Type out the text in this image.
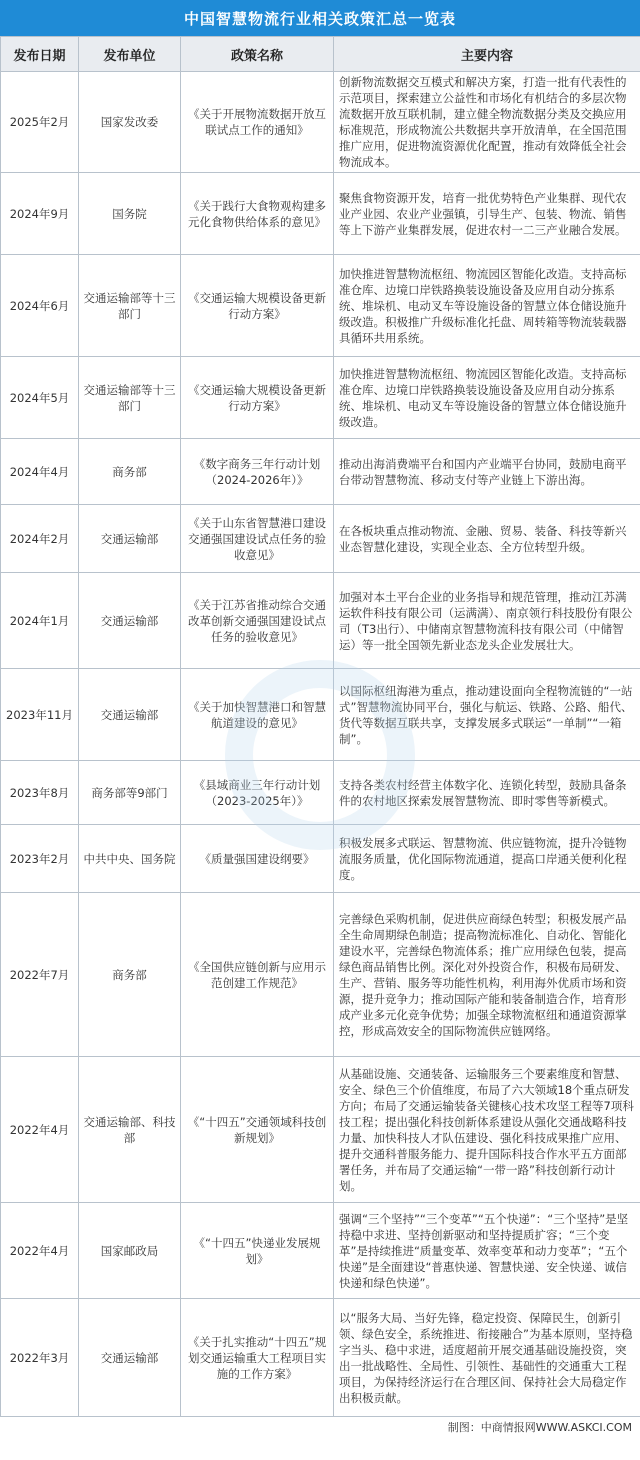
中国智慧物流行业相关政策汇总一览表
发布日期	发布单位	政策名称	主要内容
2025年2月	国家发改委	《关于开展物流数据开放互联试点工作的通知》	创新物流数据交互模式和解决方案，打造一批有代表性的示范项目，探索建立公益性和市场化有机结合的多层次物流数据开放互联机制，建立健全物流数据分类及交换应用标准规范，形成物流公共数据共享开放清单，在全国范围推广应用，促进物流资源优化配置，推动有效降低全社会物流成本。
2024年9月	国务院	《关于践行大食物观构建多元化食物供给体系的意见》	聚焦食物资源开发，培育一批优势特色产业集群、现代农业产业园、农业产业强镇，引导生产、包装、物流、销售等上下游产业集群发展，促进农村一二三产业融合发展。
2024年6月	交通运输部等十三部门	《交通运输大规模设备更新行动方案》	加快推进智慧物流枢纽、物流园区智能化改造。支持高标准仓库、边境口岸铁路换装设施设备及应用自动分拣系统、堆垛机、电动叉车等设施设备的智慧立体仓储设施升级改造。积极推广升级标准化托盘、周转箱等物流装载器具循环共用系统。
2024年5月	交通运输部等十三部门	《交通运输大规模设备更新行动方案》	加快推进智慧物流枢纽、物流园区智能化改造。支持高标准仓库、边境口岸铁路换装设施设备及应用自动分拣系统、堆垛机、电动叉车等设施设备的智慧立体仓储设施升级改造。
2024年4月	商务部	《数字商务三年行动计划（2024-2026年）》	推动出海消费端平台和国内产业端平台协同，鼓励电商平台带动智慧物流、移动支付等产业链上下游出海。
2024年2月	交通运输部	《关于山东省智慧港口建设交通强国建设试点任务的验收意见》	在各板块重点推动物流、金融、贸易、装备、科技等新兴业态智慧化建设，实现全业态、全方位转型升级。
2024年1月	交通运输部	《关于江苏省推动综合交通改革创新交通强国建设试点任务的验收意见》	加强对本土平台企业的业务指导和规范管理，推动江苏满运软件科技有限公司（运满满）、南京领行科技股份有限公司（T3出行）、中储南京智慧物流科技有限公司（中储智运）等一批全国领先新业态龙头企业发展壮大。
2023年11月	交通运输部	《关于加快智慧港口和智慧航道建设的意见》	以国际枢纽海港为重点，推动建设面向全程物流链的“一站式”智慧物流协同平台，强化与航运、铁路、公路、船代、货代等数据互联共享，支撑发展多式联运“一单制”“一箱制”。
2023年8月	商务部等9部门	《县域商业三年行动计划（2023-2025年）》	支持各类农村经营主体数字化、连锁化转型，鼓励具备条件的农村地区探索发展智慧物流、即时零售等新模式。
2023年2月	中共中央、国务院	《质量强国建设纲要》	积极发展多式联运、智慧物流、供应链物流，提升冷链物流服务质量，优化国际物流通道，提高口岸通关便利化程度。
2022年7月	商务部	《全国供应链创新与应用示范创建工作规范》	完善绿色采购机制，促进供应商绿色转型；积极发展产品全生命周期绿色制造；提高物流标准化、自动化、智能化建设水平，完善绿色物流体系；推广应用绿色包装，提高绿色商品销售比例。深化对外投资合作，积极布局研发、生产、营销、服务等功能性机构，利用海外优质市场和资源，提升竞争力；推动国际产能和装备制造合作，培育形成产业多元化竞争优势；加强全球物流枢纽和通道资源掌控，形成高效安全的国际物流供应链网络。
2022年4月	交通运输部、科技部	《“十四五”交通领域科技创新规划》	从基础设施、交通装备、运输服务三个要素维度和智慧、安全、绿色三个价值维度，布局了六大领域18个重点研发方向；布局了交通运输装备关键核心技术攻坚工程等7项科技工程；提出强化科技创新体系建设从强化交通战略科技力量、加快科技人才队伍建设、强化科技成果推广应用、提升交通科普服务能力、提升国际科技合作水平五方面部署任务，并布局了交通运输“一带一路”科技创新行动计划。
2022年4月	国家邮政局	《“十四五”快递业发展规划》	强调“三个坚持”“三个变革”“五个快递”：“三个坚持”是坚持稳中求进、坚持创新驱动和坚持提质扩容；“三个变革”是持续推进“质量变革、效率变革和动力变革”；“五个快递”是全面建设“普惠快递、智慧快递、安全快递、诚信快递和绿色快递”。
2022年3月	交通运输部	《关于扎实推动“十四五”规划交通运输重大工程项目实施的工作方案》	以“服务大局、当好先锋，稳定投资、保障民生，创新引领、绿色安全，系统推进、衔接融合”为基本原则，坚持稳字当头、稳中求进，适度超前开展交通基础设施投资，突出一批战略性、全局性、引领性、基础性的交通重大工程项目，为保持经济运行在合理区间、保持社会大局稳定作出积极贡献。
制图：中商情报网WWW.ASKCI.COM
